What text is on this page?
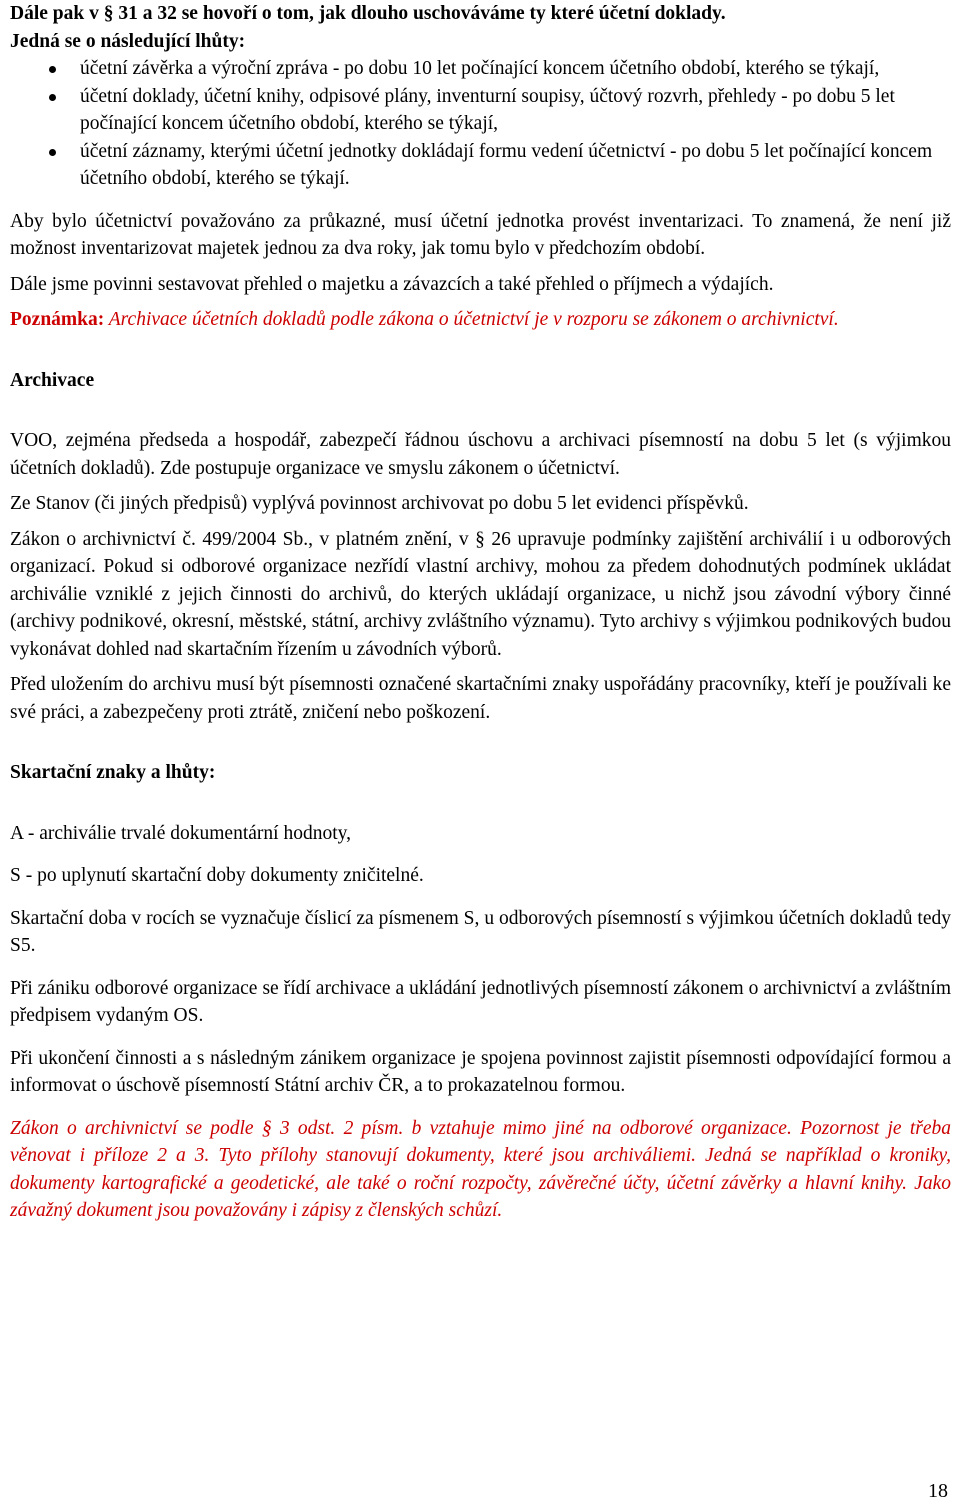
Dále pak v § 31 a 32 se hovoří o tom, jak dlouho uschováváme ty které účetní doklady.

Jedná se o následující lhůty:

účetní závěrka a výroční zpráva - po dobu 10 let počínající koncem účetního období, kterého se týkají,
účetní doklady, účetní knihy, odpisové plány, inventurní soupisy, účtový rozvrh, přehledy - po dobu 5 let počínající koncem účetního období, kterého se týkají,
účetní záznamy, kterými účetní jednotky dokládají formu vedení účetnictví - po dobu 5 let počínající koncem účetního období, kterého se týkají.

Aby bylo účetnictví považováno za průkazné, musí účetní jednotka provést inventarizaci. To znamená, že není již možnost inventarizovat majetek jednou za dva roky, jak tomu bylo v předchozím období.

Dále jsme povinni sestavovat přehled o majetku a závazcích a také přehled o příjmech a výdajích.

Poznámka: Archivace účetních dokladů podle zákona o účetnictví je v rozporu se zákonem o archivnictví.

Archivace

VOO, zejména předseda a hospodář, zabezpečí řádnou úschovu a archivaci písemností na dobu 5 let (s výjimkou účetních dokladů). Zde postupuje organizace ve smyslu zákonem o účetnictví.

Ze Stanov (či jiných předpisů) vyplývá povinnost archivovat po dobu 5 let evidenci příspěvků.

Zákon o archivnictví č. 499/2004 Sb., v platném znění, v § 26 upravuje podmínky zajištění archiválií i u odborových organizací. Pokud si odborové organizace nezřídí vlastní archivy, mohou za předem dohodnutých podmínek ukládat archiválie vzniklé z jejich činnosti do archivů, do kterých ukládají organizace, u nichž jsou závodní výbory činné (archivy podnikové, okresní, městské, státní, archivy zvláštního významu). Tyto archivy s výjimkou podnikových budou vykonávat dohled nad skartačním řízením u závodních výborů.

Před uložením do archivu musí být písemnosti označené skartačními znaky uspořádány pracovníky, kteří je používali ke své práci, a zabezpečeny proti ztrátě, zničení nebo poškození.

Skartační znaky a lhůty:

A - archiválie trvalé dokumentární hodnoty,

S - po uplynutí skartační doby dokumenty zničitelné.

Skartační doba v rocích se vyznačuje číslicí za písmenem S, u odborových písemností s výjimkou účetních dokladů tedy S5.

Při zániku odborové organizace se řídí archivace a ukládání jednotlivých písemností zákonem o archivnictví a zvláštním předpisem vydaným OS.

Při ukončení činnosti a s následným zánikem organizace je spojena povinnost zajistit písemnosti odpovídající formou a informovat o úschově písemností Státní archiv ČR, a to prokazatelnou formou.

Zákon o archivnictví se podle § 3 odst. 2 písm. b vztahuje mimo jiné na odborové organizace. Pozornost je třeba věnovat i příloze 2 a 3. Tyto přílohy stanovují dokumenty, které jsou archiváliemi. Jedná se například o kroniky, dokumenty kartografické a geodetické, ale také o roční rozpočty, závěrečné účty, účetní závěrky a hlavní knihy. Jako závažný dokument jsou považovány i zápisy z členských schůzí.

18
